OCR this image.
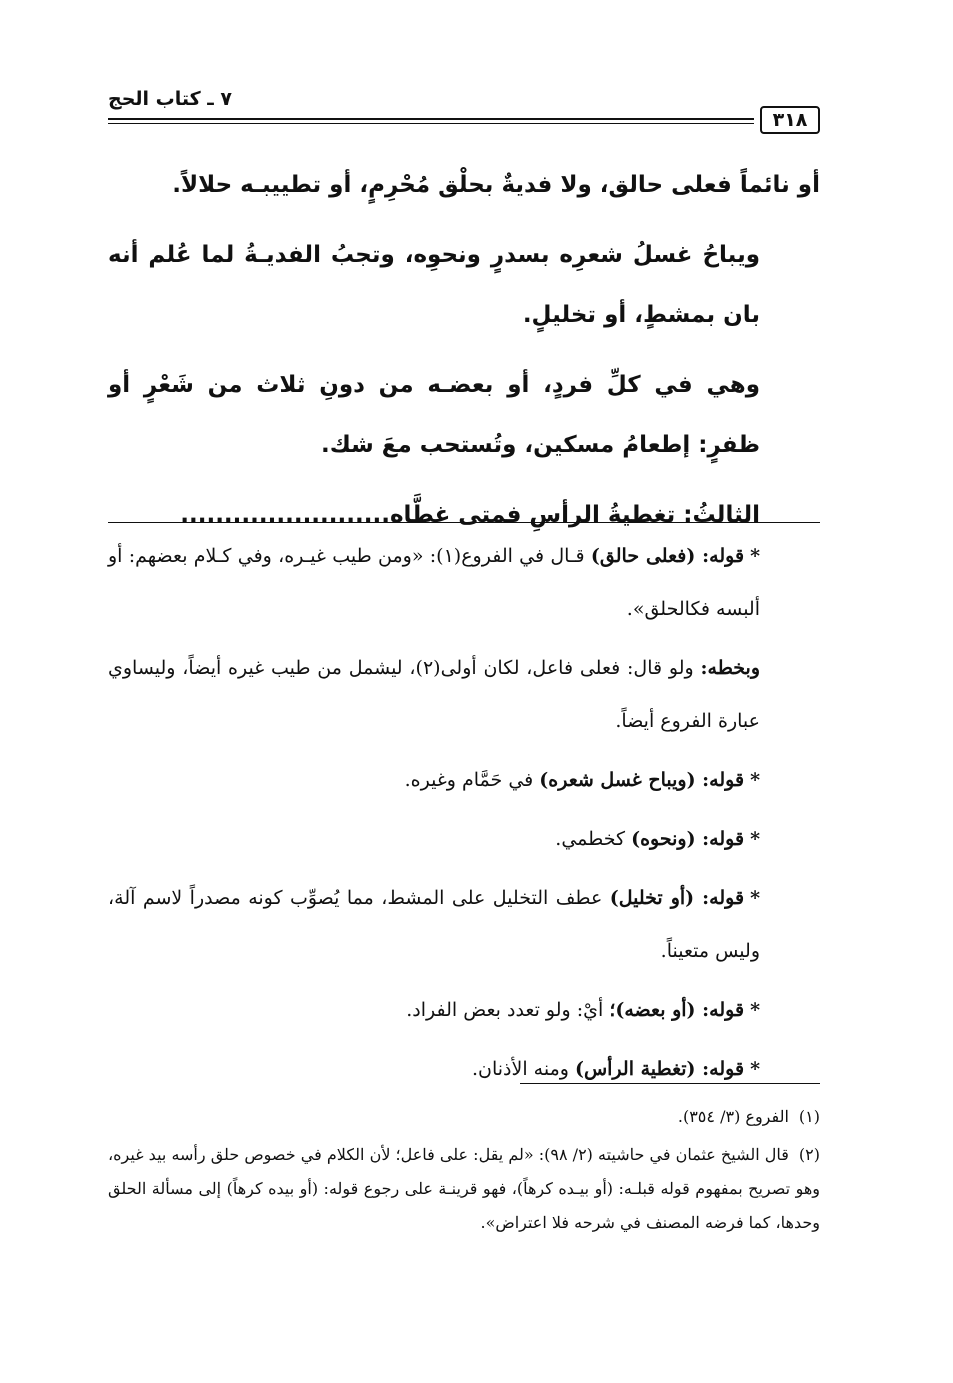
٧ ـ كتاب الحج
٣١٨

أو نائماً فعلى حالق، ولا فديةٌ بحلْق مُحْرِمٍ، أو تطييبـه حلالاً.

ويباحُ غسلُ شعرِه بسدرٍ ونحوِه، وتجبُ الفديـةُ لما عُلم أنه بان بمشطٍ، أو تخليلٍ.

وهي في كلِّ فردٍ، أو بعضـه من دونِ ثلاث من شَعْرٍ أو ظفرٍ: إطعامُ مسكين، وتُستحب معَ شك.

الثالثُ: تغطيةُ الرأسِ فمتى غطَّاه........................

*قوله: (فعلى حالق) قـال في الفروع(١): «ومن طيب غيـره، وفي كـلام بعضهم: أو ألبسه فكالحلق».

وبخطه: ولو قال: فعلى فاعل، لكان أولى(٢)، ليشمل من طيب غيره أيضاً، وليساوي عبارة الفروع أيضاً.

*قوله: (ويباح غسل شعره) في حَمَّام وغيره.

*قوله: (ونحوه) كخطمي.

*قوله: (أو تخليل) عطف التخليل على المشط، مما يُصوِّب كونه مصدراً لاسم آلة، وليس متعيناً.

*قوله: (أو بعضه)؛ أيْ: ولو تعدد بعض الفراد.

*قوله: (تغطية الرأس) ومنه الأذنان.

(١)الفروع (٣/ ٣٥٤).

(٢)قال الشيخ عثمان في حاشيته (٢/ ٩٨): «لم يقل: على فاعل؛ لأن الكلام في خصوص حلق رأسه بيد غيره، وهو تصريح بمفهوم قوله قبلـه: (أو بيـده كرهاً)، فهو قرينـة على رجوع قوله: (أو بيده كرهاً) إلى مسألة الحلق وحدها، كما فرضه المصنف في شرحه فلا اعتراض».
